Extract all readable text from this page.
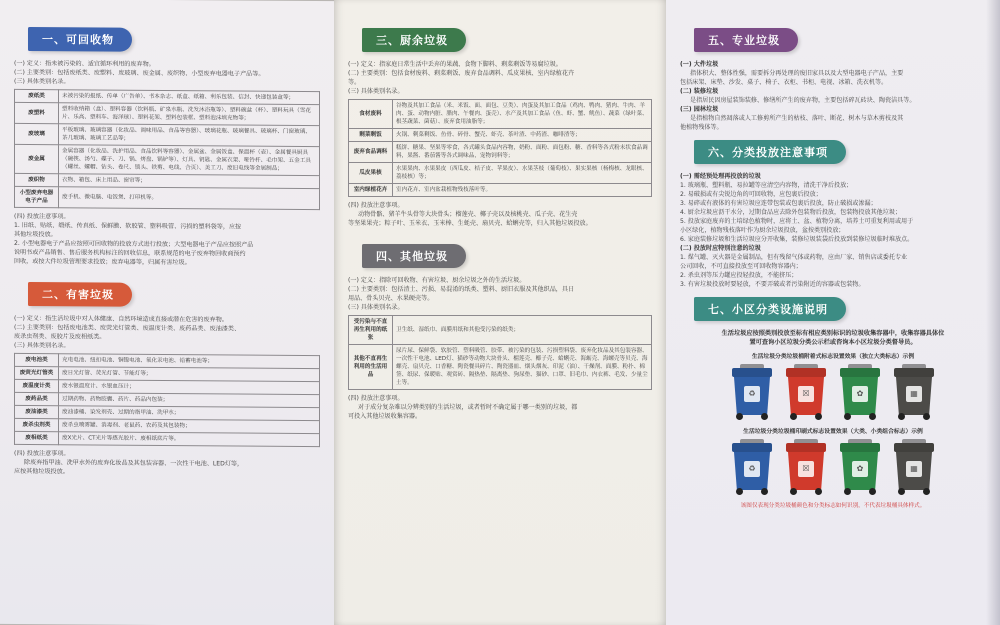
一、可回收物
(一) 定义：指未被污染的、适宜循环利用的废弃物。
(二) 主要类别：包括废纸类、废塑料、废玻璃、废金属、废织物、小型废弃电器电子产品等。
(三) 具体类别名录。
废纸类	未被污染的报纸、传单（广告单）、书本杂志、纸盒、纸箱、利乐包装、信封、快递包装盒等；
废塑料	塑料收纳箱（盒）、塑料容器（饮料瓶、矿泉水瓶、洗发沐浴瓶等）、塑料碗盆（杯）、塑料玩具（雪花片、乐高、塑料车、海洋球）、塑料花架、塑料包装框、塑料泡沫填充物等；
废玻璃	平板玻璃、玻璃容器（化妆品、调味用品、食品等容器）、玻璃花瓶、玻璃餐具、玻璃杯、门窗玻璃、茶几玻璃、玻璃工艺品等；
废金属	金属容器（化妆品、洗护用品、食品饮料等容器）、金属盆、金属饭盒、保温杯（壶）、金属餐具厨具（碗筷、汤勺、碟子、刀、锅、烤盘、锅铲等）、灯具、钥匙、金属衣架、哑铃杆、毛巾架、五金工具（螺丝、螺帽、钻头、卷尺、锁头、铁剪、电线、合页）、美工刀、废旧电线等金属制品；
废织物	衣物、箱包、床上用品、窗帘等；
小型废弃电器电子产品	废手机、微电脑、电饭煲、打印机等。
(四) 投放注意事项。
1. 旧纸、贴纸、缎纸、传真纸、保鲜膜、软胶管、塑料吸管、污损的塑料袋等，应按
其他垃圾投放。
2. 小型电器电子产品应按照可回收物的投放方式进行投放；大型电器电子产品应按照产品
说明书或产品销售、售后服务机构标注的回收信息，联系规范的电子废弃物回收商预约
回收，或按大件垃圾管理要求投放；废弃电器等，归属有害垃圾。
二、有害垃圾
(一) 定义：指生活垃圾中对人体健康、自然环境造成直接或潜在危害的废弃物。
(二) 主要类别：包括废电池类、废荧光灯管类、废温度计类、废药品类、废油漆类、
废杀虫剂类、废胶片及废相纸类。
(三) 具体类别名录。
废电池类	充电电池、纽扣电池、铜镍电池、氧化汞电池、铅蓄电池等；
废荧光灯管类	废日光灯管、荧光灯管、节能灯等；
废温度计类	废水银温度计、水银血压计；
废药品类	过期药物、药物胶囊、药片、药品内包装；
废油漆类	废油漆桶、染发剂壳、过期的指甲油、洗甲水；
废杀虫剂类	废杀虫喷雾罐、消毒剂、老鼠药、农药及其包装物；
废相纸类	废X光片、CT光片等感光胶片、废相纸底片等。
(四) 投放注意事项。
除废弃指甲油、洗甲水外的废弃化妆品及其包装容器、一次性干电池、LED灯等，
应按其他垃圾投放。
三、厨余垃圾
(一) 定义：指家庭日常生活中丢弃的果蔬、食物下脚料、剩菜剩饭等易腐垃圾。
(二) 主要类别：包括食材废料、剩菜剩饭、废弃食品调料、瓜皮果核、室内绿植花卉
等。
(三) 具体类别名录。
食材废料	谷物及其加工食品（米、米饭、面、面包、豆类）、肉蛋及其加工食品（鸡肉、鸭肉、猪肉、牛肉、羊肉、蛋、动物内脏、腊肉、午餐肉、蛋壳）、水产及其加工食品（鱼、虾、蟹、鱿鱼）、蔬菜（绿叶菜、根茎蔬菜、菌菇）、废弃食用油脂等；
剩菜剩饭	火锅、剩菜剩饭、鱼骨、碎骨、蟹壳、虾壳、茶叶渣、中药渣、咖啡渣等；
废弃食品调料	糕饼、糖果、坚果等零食，各式罐头食品内容物，奶粉、面粉、面包粉、糖、香料等各式粉末状食品调料，果酱、番茄酱等各式调味品，宠物饲料等；
瓜皮果核	水果果肉、水果果皮（西瓜皮、桔子皮、苹果皮）、水果茎枝（葡萄枝）、果实果核（杨梅核、龙眼核、荔枝核）等；
室内绿植花卉	室内花卉、室内盆栽植物残枝落叶等。
(四) 投放注意事项。
动物骨骼、猪羊牛头骨等大块骨头；榴莲壳、椰子壳以及核桃壳、瓜子壳、花生壳
等坚果果壳；粽子叶、玉米衣、玉米棒、生蚝壳、扇贝壳、蛤蜊壳等，归入其他垃圾投放。
四、其他垃圾
(一) 定义：指除可回收物、有害垃圾、厨余垃圾之外的生活垃圾。
(二) 主要类别：包括渣土、污损、易混淆的纸类、塑料、厨旧衣服及其他织品，具日
用品、骨头贝壳、水果硬壳等。
(三) 具体类别名录。
受污染与不直再生利用的纸张	卫生纸、湿纸巾、面膜用纸和其他受污染的纸类；
其他不直再生利用的生活用品	尿片尿、保鲜袋、软胶管、塑料吸管、胶带、被污染的包装、污损塑料袋、废弃化妆品及其包装容器、一次性干电池、LED灯、猫砂等动物大块骨头、榴莲壳、椰子壳、蛤蜊壳、海蛎壳、海螺壳等贝壳、海螺壳、扇贝壳、口香糖、陶瓷餐具碎片、陶瓷器皿、烟头烟灰、印泥（油）、干燥剂、面膜、粉扑、棉签、纸尿、保暖贴、观赏砖、隔热垫、隔离垫、狗尿垫、猫砂、口罩、旧毛巾、内衣裤、毛发、少量尘土等。
(四) 投放注意事项。
对于成分复杂难以分辨类别的生活垃圾，或者暂时不确定属于哪一类别的垃圾，都
可投入其他垃圾收集容器。
五、专业垃圾
(一) 大件垃圾
指体积大、整体性强，需要拆分再处理的废旧家具以及大型电器电子产品，主要
包括床架、床垫、沙发、桌子、椅子、衣柜、书柜、电视、冰箱、洗衣机等。
(二) 装修垃圾
是指居民因房屋装饰装修、修缮所产生的废弃物，主要包括碎瓦砖块、陶瓷洁具等。
(三) 园林垃圾
是指植物自然凋落或人工修剪所产生的枯枝、落叶、断花、树木与草木剪枝及其
他植物残体等。
六、分类投放注意事项
(一) 需经预处理再投放的垃圾
1. 玻璃瓶、塑料瓶、易拉罐等应清空内容物，清洗干净后投放；
2. 易破损或有尖锐边角的可回收物，应包裹后投放；
3. 易碎或有液体的有害垃圾应连带包装或包裹后投放，防止破损或渗漏；
4. 厨余垃圾应沥干水分，过期食品应去除外包装物后投放，包装物投放其他垃圾；
5. 投放家庭废弃的土培绿色植物时，应将土、盆、植物分离，培养土可重复利用或用于
小区绿化，植物残枝落叶作为厨余垃圾投放，盆按类别投放；
6. 家庭装修垃圾和生活垃圾应分开收集，装修垃圾装袋后投放到装修垃圾临时堆放点。
(二) 投放时应特别注意的垃圾
1. 煤气罐、灭火器是金属制品，但有残留气体或药物，应由厂家、销售店或委托专业
公司回收，不可直接投放至可回收物容器内；
2. 杀虫剂等压力罐应投轻投放，不能挤压；
3. 有害垃圾投放时要轻放，不要弄破或者污染附近的容器或包装物。
七、小区分类设施说明
生活垃圾应按照类别投放至标有相应类别标识的垃圾收集容器中，收集容器具体位
置可查询小区垃圾分类公示栏或咨询本小区垃圾分类督导员。
生活垃圾分类垃圾桶附着式标志设置效果（独立大类标志）示例
♻	☒	✿	▦
生活垃圾分类垃圾桶印刷式标志设置效果（大类、小类组合标志）示例
♻	☒	✿	▦
该图仅表现分类垃圾桶颜色和分类标志如何识别，不代表垃圾桶具体样式。
